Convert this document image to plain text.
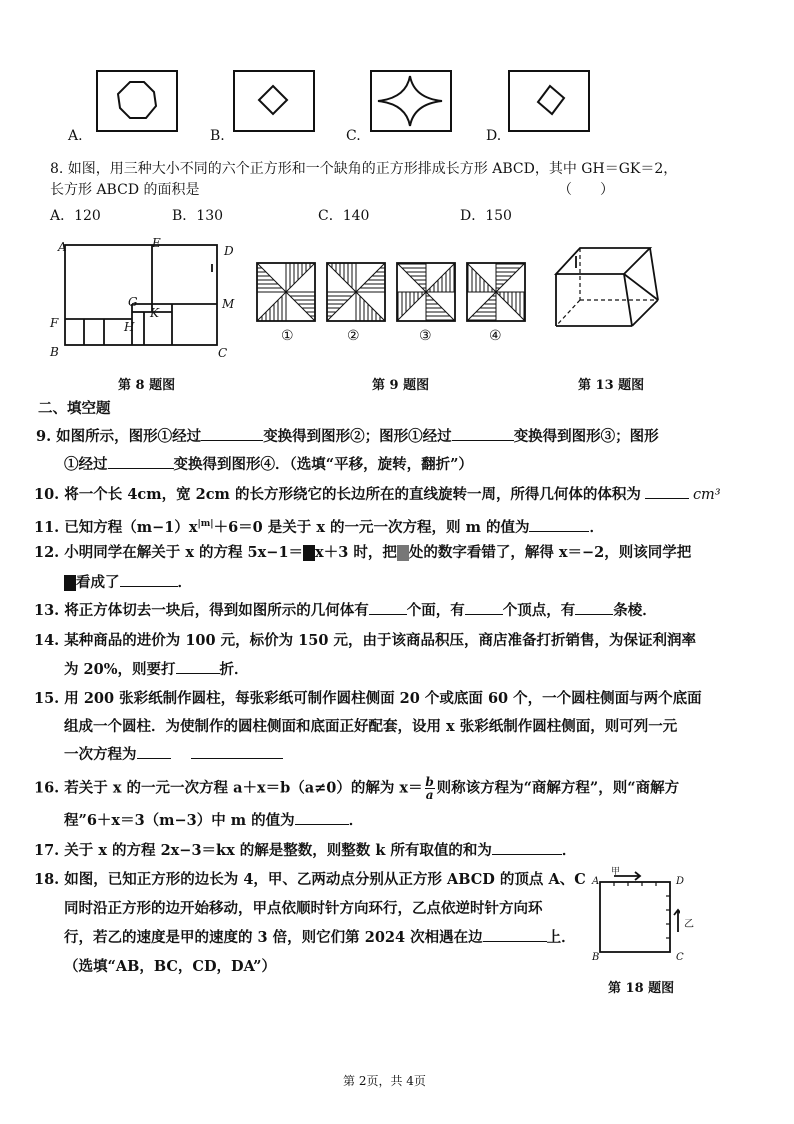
A.	B.	C.	D.
8. 如图，用三种大小不同的六个正方形和一个缺角的正方形排成长方形 ABCD，其中 GH＝GK＝2，
长方形 ABCD 的面积是	（　　）
A．120	B．130	C．140	D．150
A	E
D
M
G
K
H
F
B	C
第 8 题图
①	②	③	④
第 9 题图	第 13 题图
二、填空题
9. 如图所示，图形①经过	变换得到图形②；图形①经过	变换得到图形③；图形
①经过	变换得到图形④．（选填“平移，旋转，翻折”）
10. 将一个长 4cm，宽 2cm 的长方形绕它的长边所在的直线旋转一周，所得几何体的体积为	cm³
11. 已知方程$(m-1)x^{|m|}+6=0$ 是关于 x 的一元一次方程，则 m 的值为	．
12. 小明同学在解关于 x 的方程 5x−1＝ x＋3 时，把 处的数字看错了，解得 x＝−2，则该同学把
看成了	．
13. 将正方体切去一块后，得到如图所示的几何体有	个面，有	个顶点，有	条棱．
14. 某种商品的进价为 100 元，标价为 150 元，由于该商品积压，商店准备打折销售，为保证利润率
为 20%，则要打	折．
15. 用 200 张彩纸制作圆柱，每张彩纸可制作圆柱侧面 20 个或底面 60 个，一个圆柱侧面与两个底面
组成一个圆柱．为使制作的圆柱侧面和底面正好配套，设用 x 张彩纸制作圆柱侧面，则可列一元
一次方程为
16. 若关于 x 的一元一次方程 a＋x＝b（a≠0）的解为 $x= \frac{b}{a}$ 则称该方程为“商解方程”，则“商解方
程”6＋x＝3（m−3）中 m 的值为	．
17. 关于 x 的方程 2x−3＝kx 的解是整数，则整数 k 所有取值的和为	．
18. 如图，已知正方形的边长为 4，甲、乙两动点分别从正方形 ABCD 的顶点 A、C
同时沿正方形的边开始移动，甲点依顺时针方向环行，乙点依逆时针方向环
行，若乙的速度是甲的速度的 3 倍，则它们第 2024 次相遇在边	上．
（选填“AB，BC，CD，DA”）
A	D
B	C
甲
乙
第 18 题图
第 2页，共 4页
